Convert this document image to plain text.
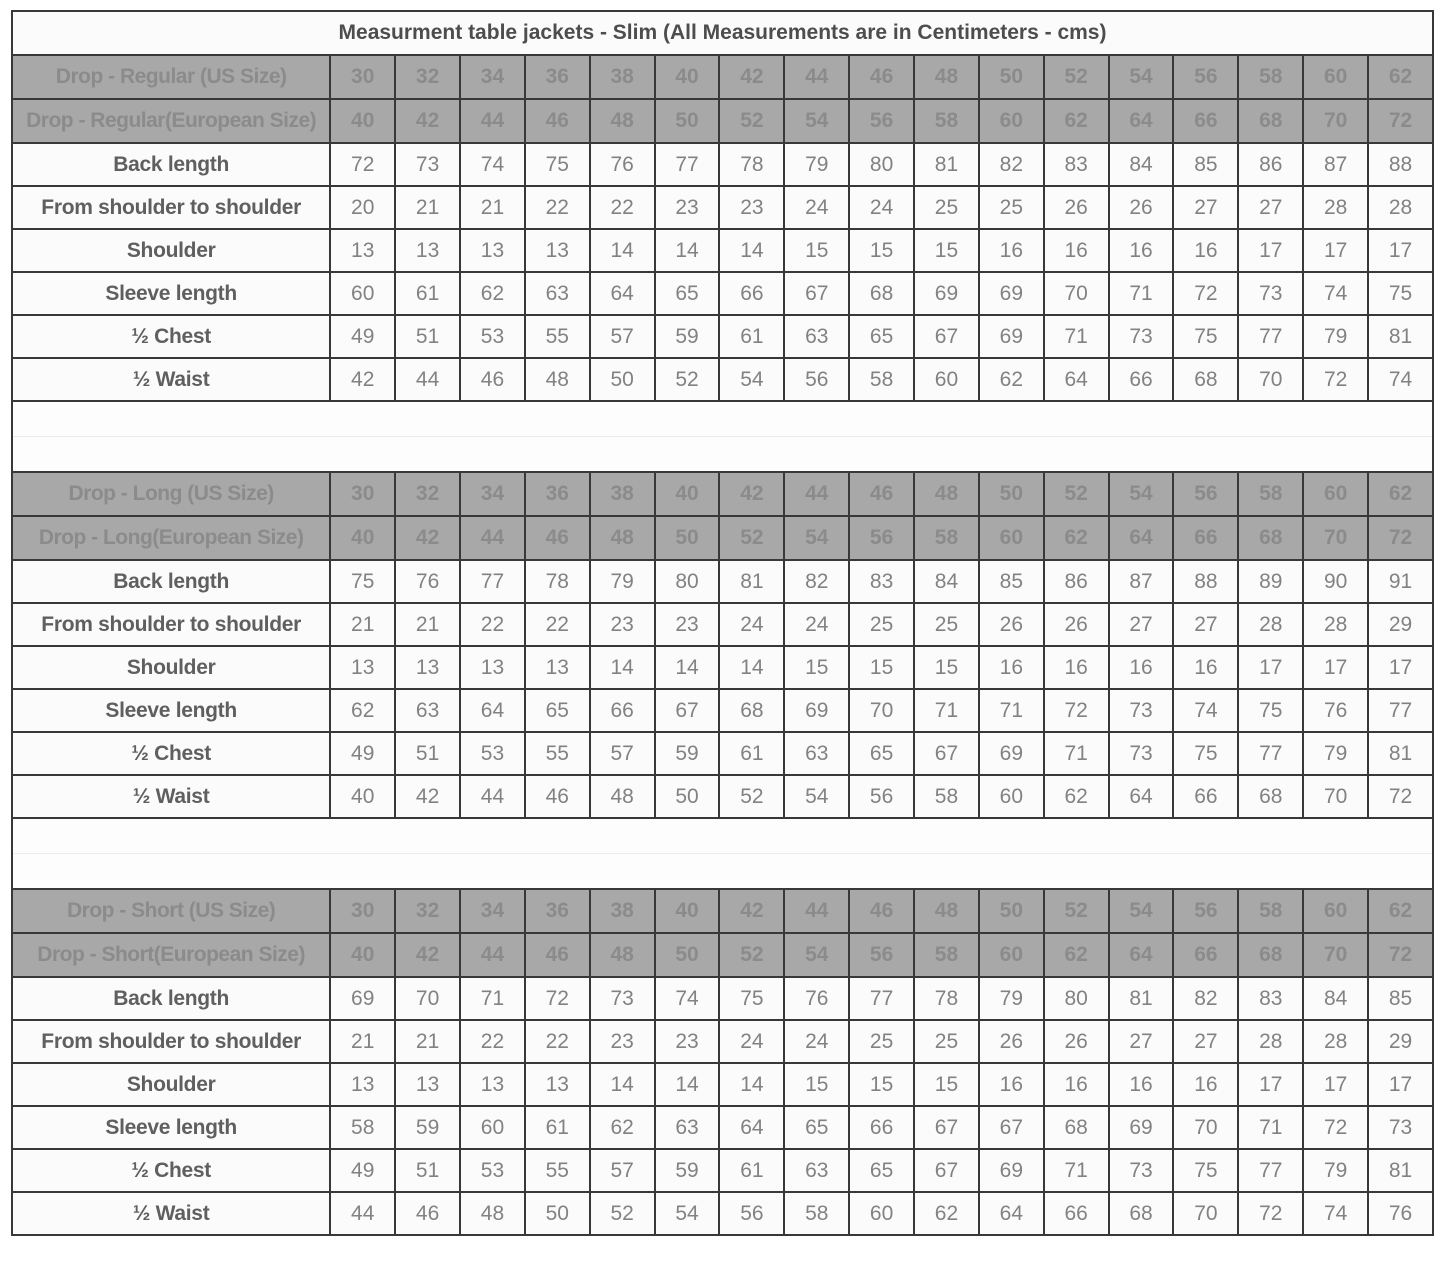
Measurment table jackets - Slim (All Measurements are in Centimeters - cms)																	
Drop - Regular (US Size)	30	32	34	36	38	40	42	44	46	48	50	52	54	56	58	60	62
Drop - Regular(European Size)	40	42	44	46	48	50	52	54	56	58	60	62	64	66	68	70	72
Back length	72	73	74	75	76	77	78	79	80	81	82	83	84	85	86	87	88
From shoulder to shoulder	20	21	21	22	22	23	23	24	24	25	25	26	26	27	27	28	28
Shoulder	13	13	13	13	14	14	14	15	15	15	16	16	16	16	17	17	17
Sleeve length	60	61	62	63	64	65	66	67	68	69	69	70	71	72	73	74	75
½ Chest	49	51	53	55	57	59	61	63	65	67	69	71	73	75	77	79	81
½ Waist	42	44	46	48	50	52	54	56	58	60	62	64	66	68	70	72	74

Drop - Long (US Size)	30	32	34	36	38	40	42	44	46	48	50	52	54	56	58	60	62
Drop - Long(European Size)	40	42	44	46	48	50	52	54	56	58	60	62	64	66	68	70	72
Back length	75	76	77	78	79	80	81	82	83	84	85	86	87	88	89	90	91
From shoulder to shoulder	21	21	22	22	23	23	24	24	25	25	26	26	27	27	28	28	29
Shoulder	13	13	13	13	14	14	14	15	15	15	16	16	16	16	17	17	17
Sleeve length	62	63	64	65	66	67	68	69	70	71	71	72	73	74	75	76	77
½ Chest	49	51	53	55	57	59	61	63	65	67	69	71	73	75	77	79	81
½ Waist	40	42	44	46	48	50	52	54	56	58	60	62	64	66	68	70	72

Drop - Short (US Size)	30	32	34	36	38	40	42	44	46	48	50	52	54	56	58	60	62
Drop - Short(European Size)	40	42	44	46	48	50	52	54	56	58	60	62	64	66	68	70	72
Back length	69	70	71	72	73	74	75	76	77	78	79	80	81	82	83	84	85
From shoulder to shoulder	21	21	22	22	23	23	24	24	25	25	26	26	27	27	28	28	29
Shoulder	13	13	13	13	14	14	14	15	15	15	16	16	16	16	17	17	17
Sleeve length	58	59	60	61	62	63	64	65	66	67	67	68	69	70	71	72	73
½ Chest	49	51	53	55	57	59	61	63	65	67	69	71	73	75	77	79	81
½ Waist	44	46	48	50	52	54	56	58	60	62	64	66	68	70	72	74	76
